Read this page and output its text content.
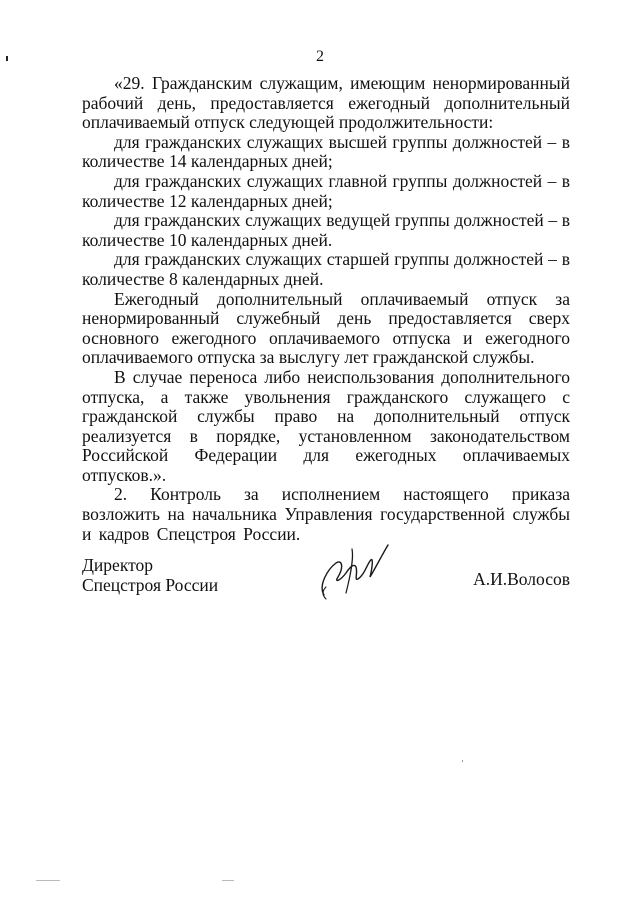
2

«29. Гражданским служащим, имеющим ненормированный рабочий день, предоставляется ежегодный дополнительный оплачиваемый отпуск следующей продолжительности:

для гражданских служащих высшей группы должностей – в количестве 14 календарных дней;

для гражданских служащих главной группы должностей – в количестве 12 календарных дней;

для гражданских служащих ведущей группы должностей – в количестве 10 календарных дней.

для гражданских служащих старшей группы должностей – в количестве 8 календарных дней.

Ежегодный дополнительный оплачиваемый отпуск за ненормированный служебный день предоставляется сверх основного ежегодного оплачиваемого отпуска и ежегодного оплачиваемого отпуска за выслугу лет гражданской службы.

В случае переноса либо неиспользования дополнительного отпуска, а также увольнения гражданского служащего с гражданской службы право на дополнительный отпуск реализуется в порядке, установленном законодательством Российской Федерации для ежегодных оплачиваемых отпусков.».

2. Контроль за исполнением настоящего приказа возложить на начальника Управления государственной службы и кадров Спецстроя России.

Директор
Спецстроя России	А.И.Волосов
